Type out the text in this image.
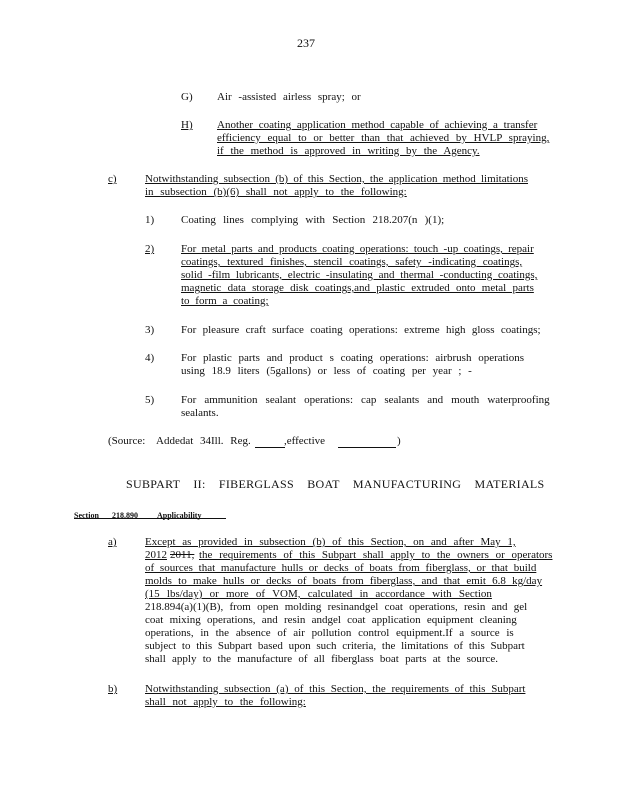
237
G) Air -assisted airless spray; or
H) Another coating application method capable of achieving a transfer
efficiency equal to or better than that achieved by HVLP spraying,
if the method is approved in writing by the Agency.
c)	Notwithstanding subsection (b) of this Section, the application method limitations
in subsection (b)(6) shall not apply to the following:
1) Coating lines complying with Section 218.207(n )(1);
2) For metal parts and products coating operations: touch -up coatings, repair
coatings, textured finishes, stencil coatings, safety -indicating coatings,
solid -film lubricants, electric -insulating and thermal -conducting coatings,
magnetic data storage disk coatings,and plastic extruded onto metal parts
to form a coating;
3) For pleasure craft surface coating operations: extreme high gloss coatings;
4) For plastic parts and product s coating operations: airbrush operations
using 18.9 liters (5gallons) or less of coating per year ; -
5) For ammunition sealant operations: cap sealants and mouth waterproofing
sealants.
(Source: Addedat 34Ill. Reg.	,effective	)
SUBPART II: FIBERGLASS BOAT MANUFACTURING MATERIALS
Section 218.890 Applicability
a)	Except as provided in subsection (b) of this Section, on and after May 1,
2012 2011, the requirements of this Subpart shall apply to the owners or operators
of sources that manufacture hulls or decks of boats from fiberglass, or that build
molds to make hulls or decks of boats from fiberglass, and that emit 6.8 kg/day
(15 lbs/day) or more of VOM, calculated in accordance with Section
218.894(a)(1)(B), from open molding resinandgel coat operations, resin and gel
coat mixing operations, and resin andgel coat application equipment cleaning
operations, in the absence of air pollution control equipment.If a source is
subject to this Subpart based upon such criteria, the limitations of this Subpart
shall apply to the manufacture of all fiberglass boat parts at the source.
b)	Notwithstanding subsection (a) of this Section, the requirements of this Subpart
shall not apply to the following:
